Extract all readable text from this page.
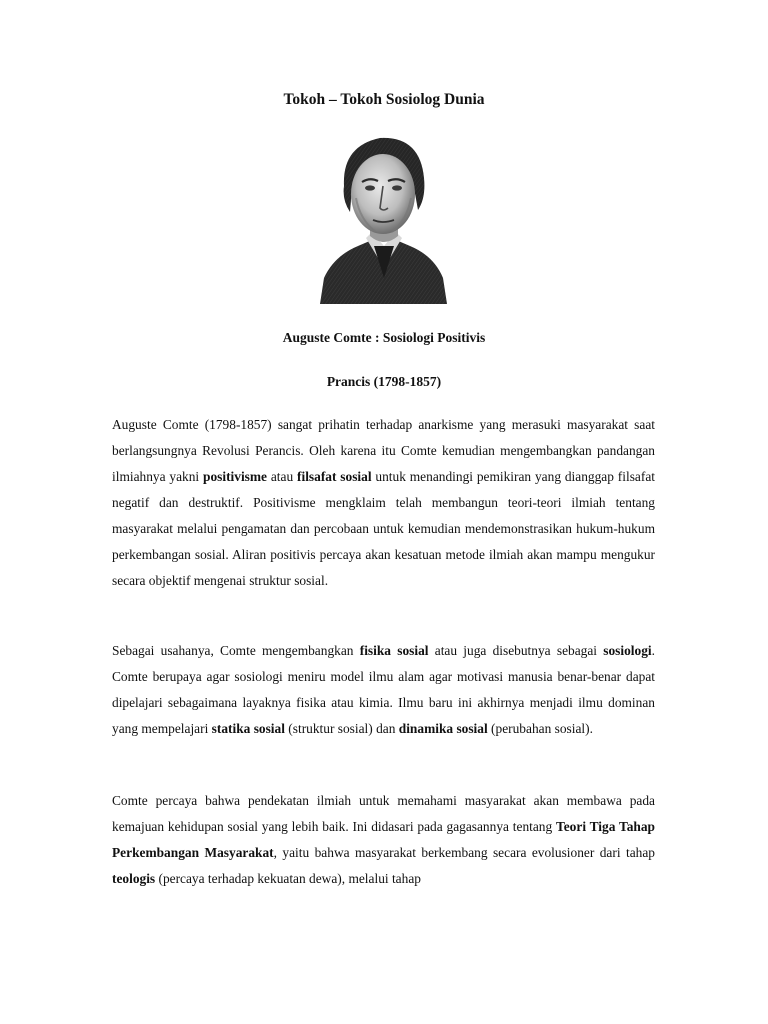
Tokoh – Tokoh Sosiolog Dunia
Auguste Comte : Sosiologi Positivis
Prancis (1798-1857)

Auguste Comte (1798-1857) sangat prihatin terhadap anarkisme yang merasuki masyarakat saat berlangsungnya Revolusi Perancis. Oleh karena itu Comte kemudian mengembangkan pandangan ilmiahnya yakni positivisme atau filsafat sosial untuk menandingi pemikiran yang dianggap filsafat negatif dan destruktif. Positivisme mengklaim telah membangun teori-teori ilmiah tentang masyarakat melalui pengamatan dan percobaan untuk kemudian mendemonstrasikan hukum-hukum perkembangan sosial. Aliran positivis percaya akan kesatuan metode ilmiah akan mampu mengukur secara objektif mengenai struktur sosial.

Sebagai usahanya, Comte mengembangkan fisika sosial atau juga disebutnya sebagai sosiologi. Comte berupaya agar sosiologi meniru model ilmu alam agar motivasi manusia benar-benar dapat dipelajari sebagaimana layaknya fisika atau kimia. Ilmu baru ini akhirnya menjadi ilmu dominan yang mempelajari statika sosial (struktur sosial) dan dinamika sosial (perubahan sosial).

Comte percaya bahwa pendekatan ilmiah untuk memahami masyarakat akan membawa pada kemajuan kehidupan sosial yang lebih baik. Ini didasari pada gagasannya tentang Teori Tiga Tahap Perkembangan Masyarakat, yaitu bahwa masyarakat berkembang secara evolusioner dari tahap teologis (percaya terhadap kekuatan dewa), melalui tahap
